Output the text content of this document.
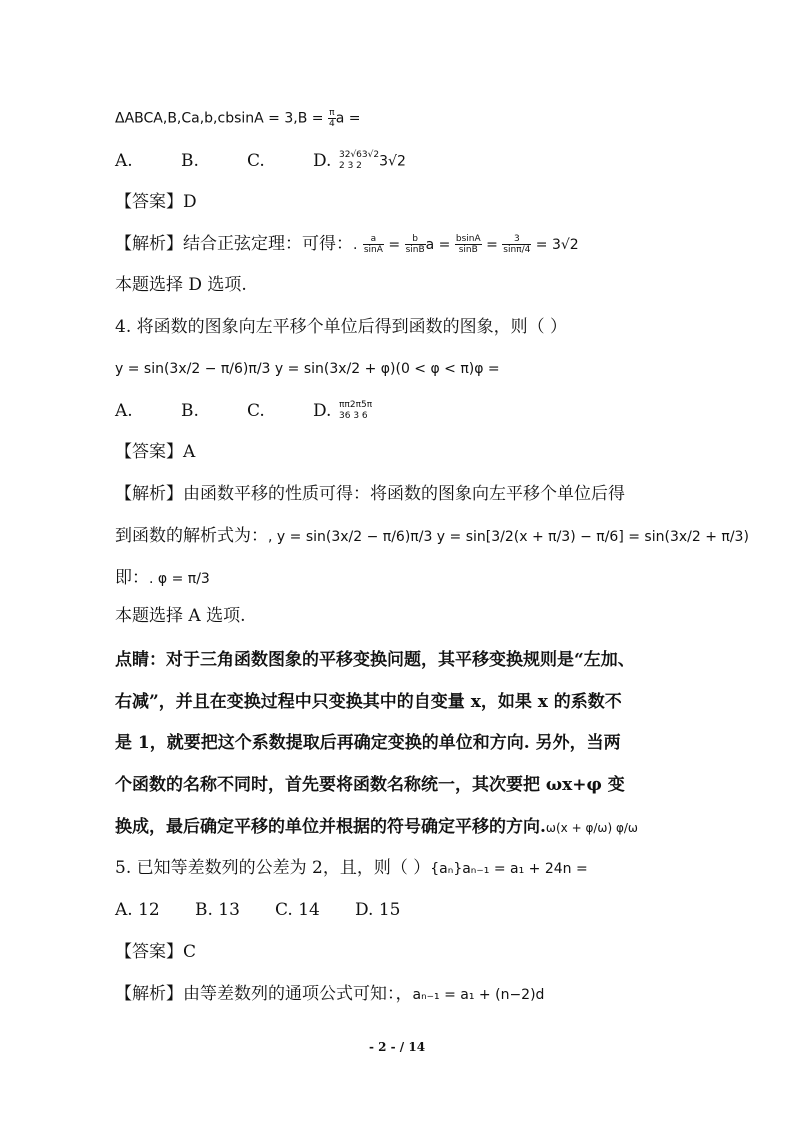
ΔABCA,B,Ca,b,cbsinA = $3,B = \frac{\pi}{4}$ a =
A.	B.	C.	D. 32√63√2
2 3 2	3√2
【答案】D
【解析】结合正弦定理：可得：. $\frac{a}{\sin A} = \frac{b}{\sin B}$ $a = \frac{bsinA}{\sin B} = \frac{3}{\sin\pi/4} = 3√2$
本题选择 D 选项.
4. 将函数的图象向左平移个单位后得到函数的图象，则（ ）
y = sin(3x/2 − π/6)π/3 y = sin(3x/2 + φ)(0 < φ < π)φ =
A.	B.	C.	D. ππ2π5π
36 3 6
【答案】A
【解析】由函数平移的性质可得：将函数的图象向左平移个单位后得
到函数的解析式为：, y = sin(3x/2 − π/6)π/3 y = sin[3/2(x + π/3) − π/6] = sin(3x/2 + π/3)
即：. φ = π/3
本题选择 A 选项.
点睛：对于三角函数图象的平移变换问题，其平移变换规则是“左加、
右减”，并且在变换过程中只变换其中的自变量 x，如果 x 的系数不
是 1，就要把这个系数提取后再确定变换的单位和方向. 另外，当两
个函数的名称不同时，首先要将函数名称统一，其次要把 ωx+φ 变
换成，最后确定平移的单位并根据的符号确定平移的方向.ω(x + φ/ω) φ/ω
5. 已知等差数列的公差为 2，且，则（ ）{aₙ}aₙ₋₁ = a₁ + 24n =
A. 12 B. 13 C. 14 D. 15
【答案】C
【解析】由等差数列的通项公式可知：，aₙ₋₁ = a₁ + (n−2)d
- 2 - / 14
